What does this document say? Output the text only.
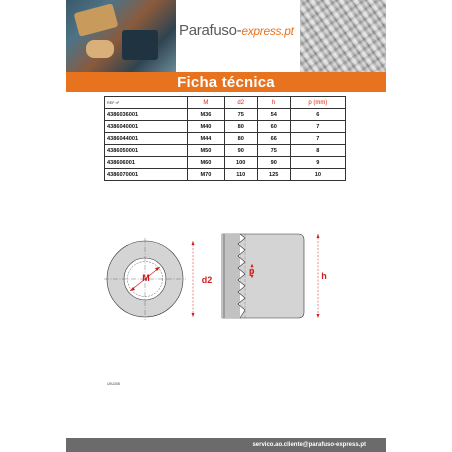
Parafuso-express.pt
Ficha técnica
REF nº	M	d2	h	p (mm)
4386036001	M36	75	54	6
4386040001	M40	80	60	7
4386044001	M44	80	66	7
4386050001	M50	90	75	8
438606001	M60	100	90	9
4386070001	M70	110	125	10
M	d2
p	h
U5U308
servico.ao.cliente@parafuso-express.pt
